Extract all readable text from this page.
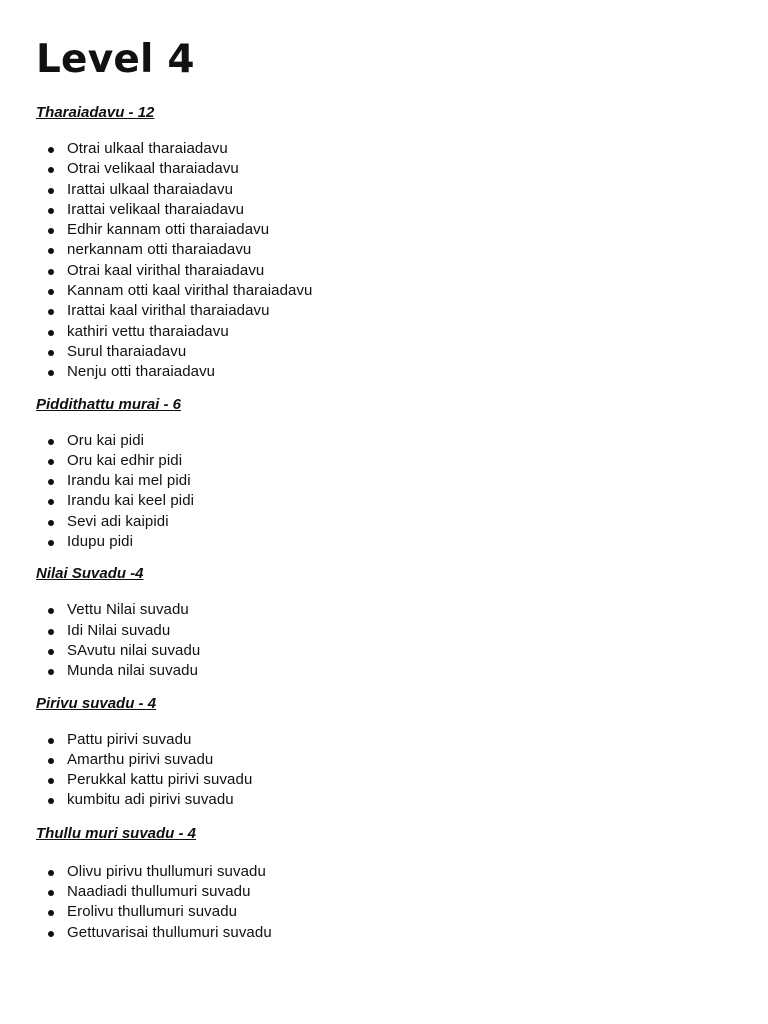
Level 4
Tharaiadavu - 12
Otrai ulkaal tharaiadavu
Otrai velikaal tharaiadavu
Irattai ulkaal tharaiadavu
Irattai velikaal tharaiadavu
Edhir kannam otti tharaiadavu
nerkannam otti tharaiadavu
Otrai kaal virithal tharaiadavu
Kannam otti kaal virithal tharaiadavu
Irattai kaal virithal tharaiadavu
kathiri vettu tharaiadavu
Surul tharaiadavu
Nenju otti tharaiadavu
Piddithattu murai - 6
Oru kai pidi
Oru kai edhir pidi
Irandu kai mel pidi
Irandu kai keel pidi
Sevi adi kaipidi
Idupu pidi
Nilai Suvadu -4
Vettu Nilai suvadu
Idi Nilai suvadu
SAvutu nilai suvadu
Munda nilai suvadu
Pirivu suvadu - 4
Pattu pirivi suvadu
Amarthu pirivi suvadu
Perukkal kattu pirivi suvadu
kumbitu adi pirivi suvadu
Thullu muri suvadu - 4
Olivu pirivu thullumuri suvadu
Naadiadi thullumuri suvadu
Erolivu thullumuri suvadu
Gettuvarisai thullumuri suvadu
